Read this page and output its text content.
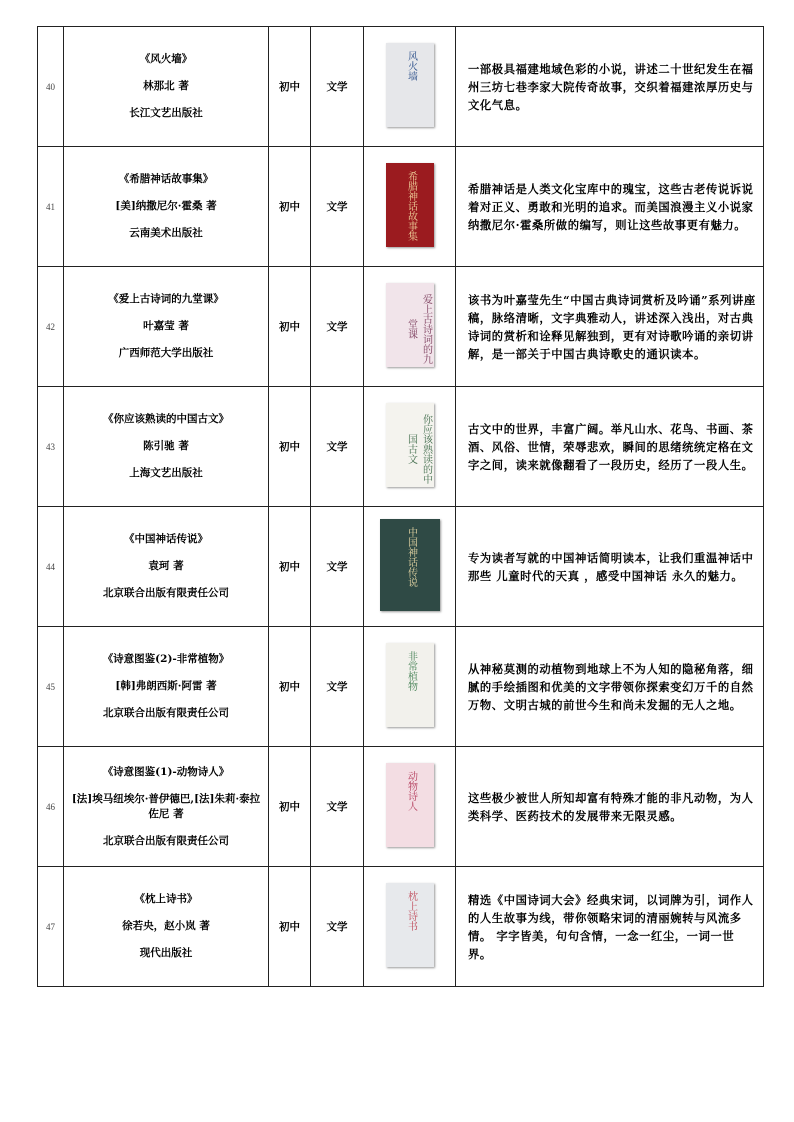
40	《风火墙》
林那北 著
长江文艺出版社	初中	文学	风火墙	一部极具福建地域色彩的小说，讲述二十世纪发生在福州三坊七巷李家大院传奇故事，交织着福建浓厚历史与文化气息。
41	《希腊神话故事集》
[美]纳撒尼尔·霍桑 著
云南美术出版社	初中	文学	希腊神话故事集	希腊神话是人类文化宝库中的瑰宝，这些古老传说诉说着对正义、勇敢和光明的追求。而美国浪漫主义小说家纳撒尼尔·霍桑所做的编写，则让这些故事更有魅力。
42	《爱上古诗词的九堂课》
叶嘉莹 著
广西师范大学出版社	初中	文学	爱上古诗词的九堂课	该书为叶嘉莹先生“中国古典诗词赏析及吟诵”系列讲座稿，脉络清晰，文字典雅动人，讲述深入浅出，对古典诗词的赏析和诠释见解独到，更有对诗歌吟诵的亲切讲解，是一部关于中国古典诗歌史的通识读本。
43	《你应该熟读的中国古文》
陈引驰 著
上海文艺出版社	初中	文学	你应该熟读的中国古文	古文中的世界，丰富广阔。举凡山水、花鸟、书画、茶酒、风俗、世情，荣辱悲欢，瞬间的思绪统统定格在文字之间，读来就像翻看了一段历史，经历了一段人生。
44	《中国神话传说》
袁珂 著
北京联合出版有限责任公司	初中	文学	中国神话传说	专为读者写就的中国神话简明读本，让我们重温神话中那些 儿童时代的天真 ，感受中国神话 永久的魅力。
45	《诗意图鉴(2)-非常植物》
[韩]弗朗西斯·阿雷 著
北京联合出版有限责任公司	初中	文学	非常植物	从神秘莫测的动植物到地球上不为人知的隐秘角落，细腻的手绘插图和优美的文字带领你探索变幻万千的自然万物、文明古城的前世今生和尚未发掘的无人之地。
46	《诗意图鉴(1)-动物诗人》
[法]埃马纽埃尔·普伊德巴,[法]朱莉·泰拉佐尼 著
北京联合出版有限责任公司	初中	文学	动物诗人	这些极少被世人所知却富有特殊才能的非凡动物，为人类科学、医药技术的发展带来无限灵感。
47	《枕上诗书》
徐若央，赵小岚 著
现代出版社	初中	文学	枕上诗书	精选《中国诗词大会》经典宋词，以词牌为引，词作人的人生故事为线，带你领略宋词的清丽婉转与风流多情。 字字皆美，句句含情，一念一红尘，一词一世界。
